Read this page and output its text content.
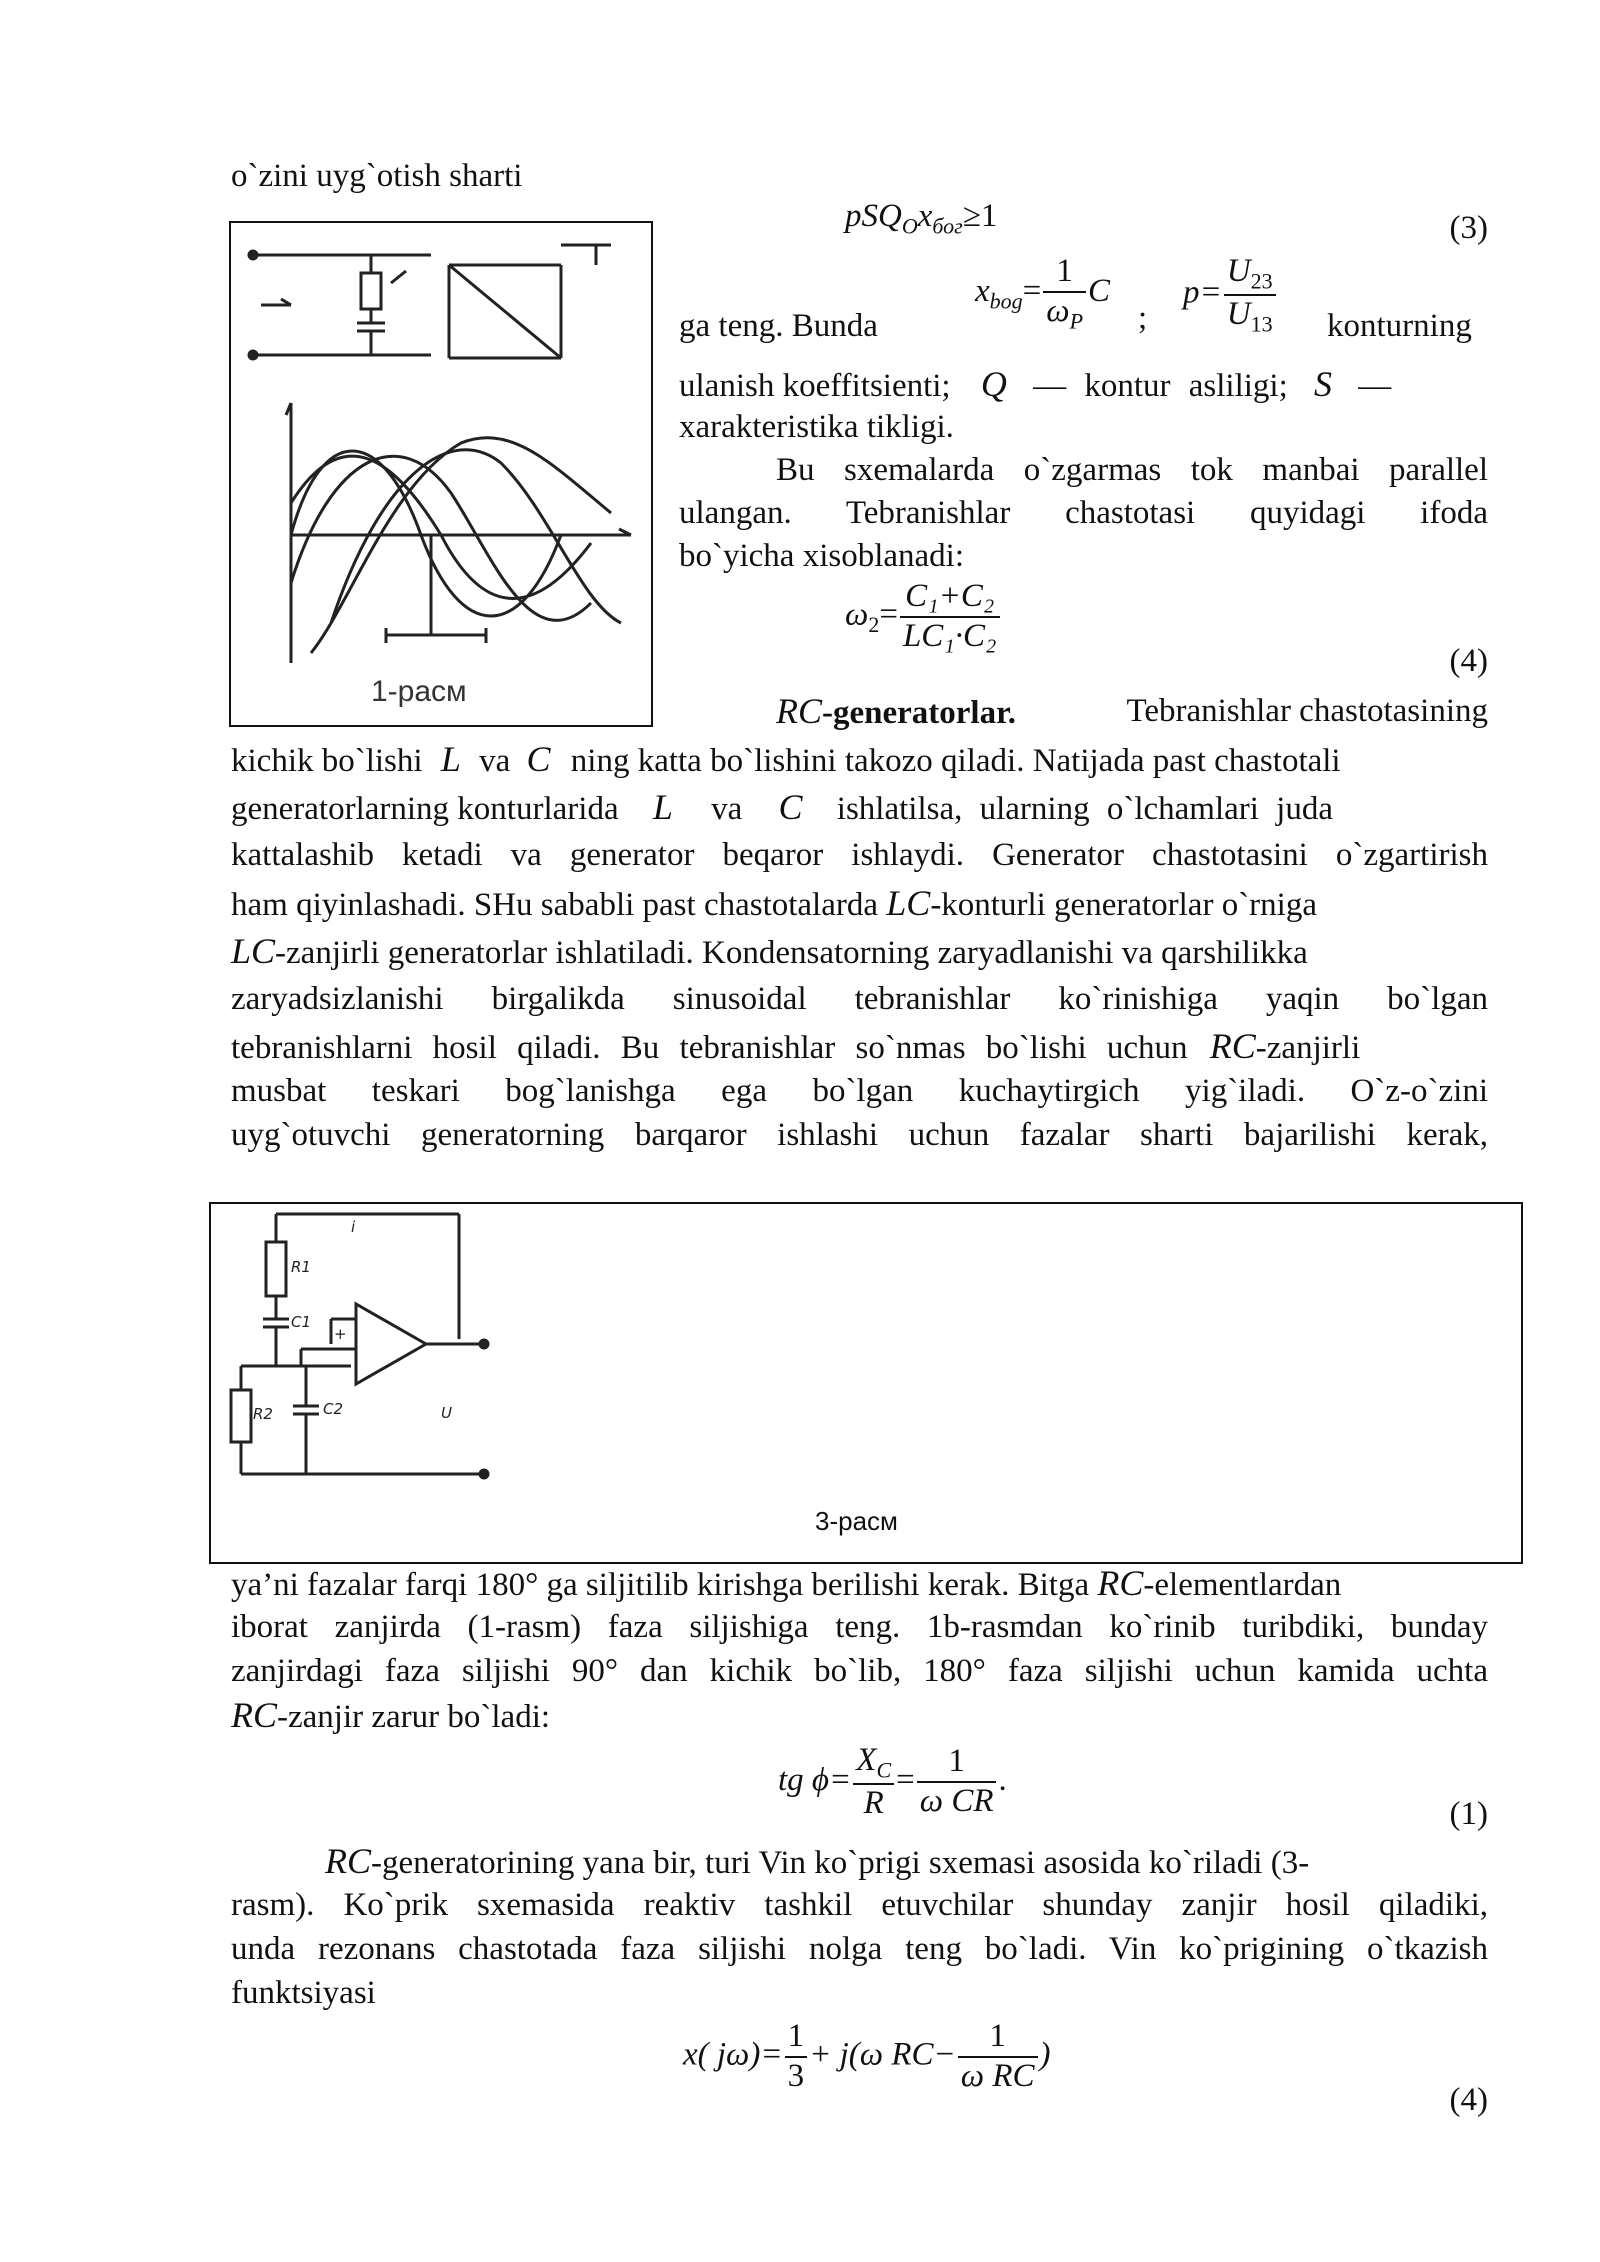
o`zini uyg`otish sharti
1-расм
$pSQ_Ox_{бог}\ge 1$	(3)
$x_{bog}= \frac{1}{\omega_P}$ C
;
$p= \frac{U_{23}}{U_{13}}$
ga teng. Bunda	konturning
ulanish koeffitsienti; Q — kontur asliligi; S —
xarakteristika tikligi.
Bu sxemalarda o`zgarmas tok manbai parallel
ulangan. Tebranishlar chastotasi quyidagi ifoda
bo`yicha xisoblanadi:
$\omega_2= \frac{\text{C₁+C₂}}{\text{LC₁·C₂}}$
(4)
RC-generatorlar.	Tebranishlar chastotasining
kichik bo`lishi L va C ning katta bo`lishini takozo qiladi. Natijada past chastotali
generatorlarning konturlarida L va C ishlatilsa, ularning o`lchamlari juda
kattalashib ketadi va generator beqaror ishlaydi. Generator chastotasini o`zgartirish
ham qiyinlashadi. SHu sababli past chastotalarda LC-konturli generatorlar o`rniga
LC-zanjirli generatorlar ishlatiladi. Kondensatorning zaryadlanishi va qarshilikka
zaryadsizlanishi birgalikda sinusoidal tebranishlar ko`rinishiga yaqin bo`lgan
tebranishlarni hosil qiladi. Bu tebranishlar so`nmas bo`lishi uchun RC-zanjirli
musbat teskari bog`lanishga ega bo`lgan kuchaytirgich yig`iladi. O`z-o`zini
uyg`otuvchi generatorning barqaror ishlashi uchun fazalar sharti bajarilishi kerak,
R1
C1
R2	C2
+
U
i
3-расм
ya’ni fazalar farqi 180° ga siljitilib kirishga berilishi kerak. Bitga RC-elementlardan
iborat zanjirda (1-rasm) faza siljishiga teng. 1b-rasmdan ko`rinib turibdiki, bunday
zanjirdagi faza siljishi 90° dan kichik bo`lib, 180° faza siljishi uchun kamida uchta
RC-zanjir zarur bo`ladi:
tg $\phi= \frac{X_C}{R} = \frac{1}{\text{ω CR}}$ .
(1)
RC-generatorining yana bir, turi Vin ko`prigi sxemasi asosida ko`riladi (3-
rasm). Ko`prik sxemasida reaktiv tashkil etuvchilar shunday zanjir hosil qiladiki,
unda rezonans chastotada faza siljishi nolga teng bo`ladi. Vin ko`prigining o`tkazish
funktsiyasi
x( $j\omega)= \frac{1}{3} + j(\omega$ $RC- \frac{1}{\text{ω RC}}$ )
(4)
